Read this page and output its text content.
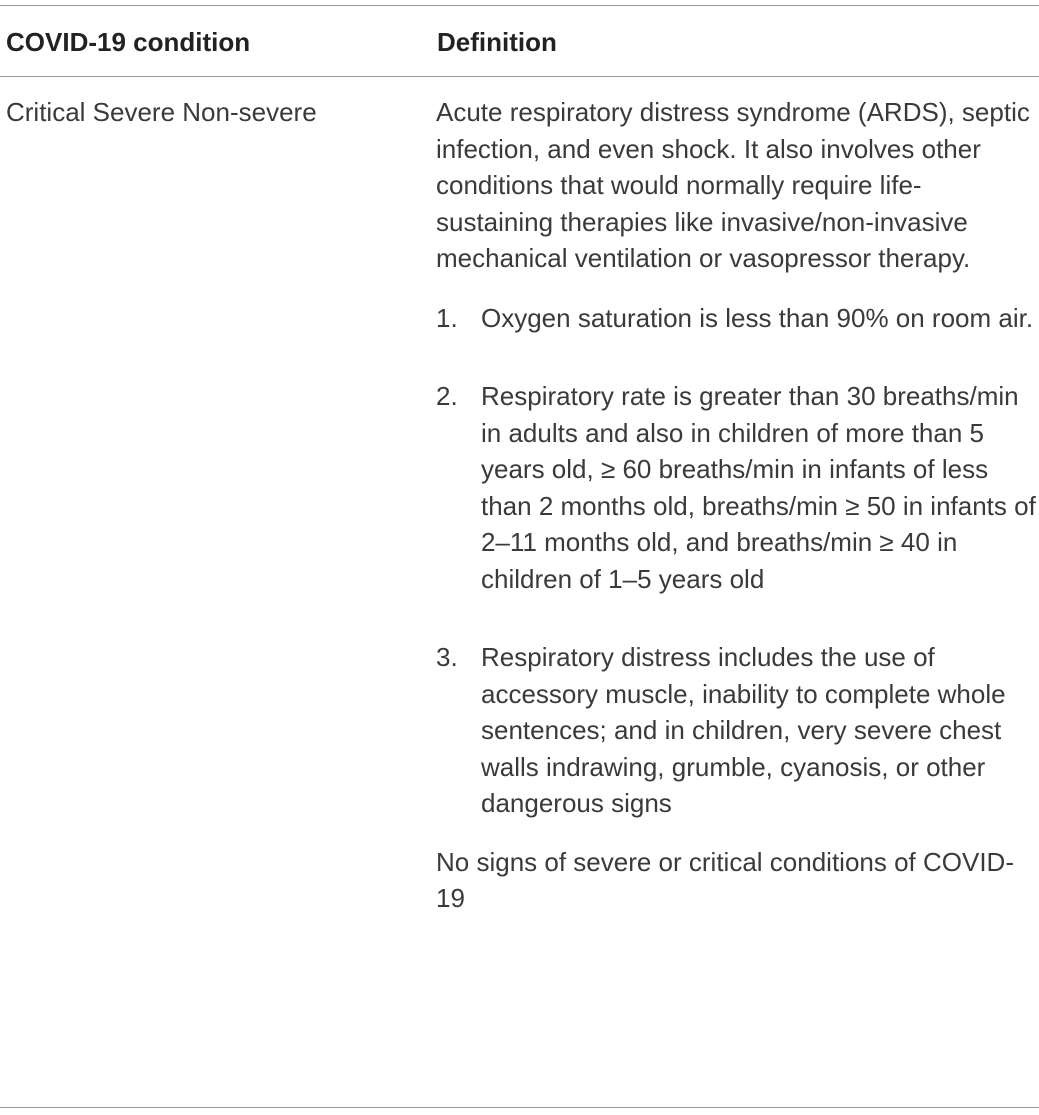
COVID-19 condition	Definition
Critical Severe Non-severe	Acute respiratory distress syndrome (ARDS), septic infection, and even shock. It also involves other conditions that would normally require life-sustaining therapies like invasive/non-invasive mechanical ventilation or vasopressor therapy.

1. Oxygen saturation is less than 90% on room air.
2. Respiratory rate is greater than 30 breaths/min in adults and also in children of more than 5 years old, ≥ 60 breaths/min in infants of less than 2 months old, breaths/min ≥ 50 in infants of 2–11 months old, and breaths/min ≥ 40 in children of 1–5 years old
3. Respiratory distress includes the use of accessory muscle, inability to complete whole sentences; and in children, very severe chest walls indrawing, grumble, cyanosis, or other dangerous signs

No signs of severe or critical conditions of COVID-19
